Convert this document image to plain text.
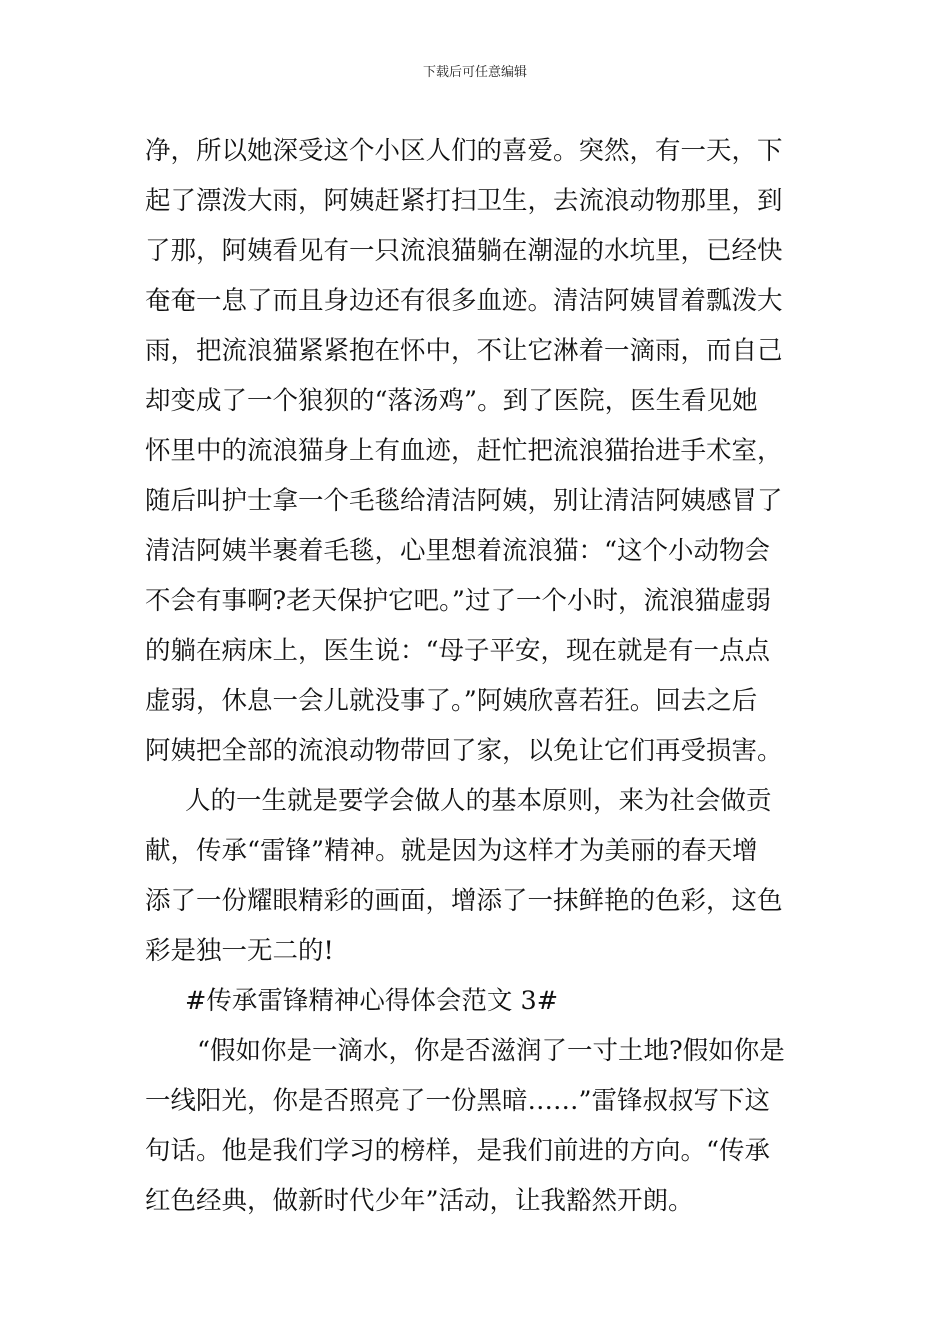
下载后可任意编辑
净，所以她深受这个小区人们的喜爱。突然，有一天，下
起了漂泼大雨，阿姨赶紧打扫卫生，去流浪动物那里，到
了那，阿姨看见有一只流浪猫躺在潮湿的水坑里，已经快
奄奄一息了而且身边还有很多血迹。清洁阿姨冒着瓢泼大
雨，把流浪猫紧紧抱在怀中，不让它淋着一滴雨，而自己
却变成了一个狼狈的“落汤鸡”。到了医院，医生看见她
怀里中的流浪猫身上有血迹，赶忙把流浪猫抬进手术室，
随后叫护士拿一个毛毯给清洁阿姨，别让清洁阿姨感冒了
清洁阿姨半裹着毛毯，心里想着流浪猫：“这个小动物会
不会有事啊?老天保护它吧。”过了一个小时，流浪猫虚弱
的躺在病床上，医生说：“母子平安，现在就是有一点点
虚弱，休息一会儿就没事了。”阿姨欣喜若狂。回去之后
阿姨把全部的流浪动物带回了家，以免让它们再受损害。
人的一生就是要学会做人的基本原则，来为社会做贡
献，传承“雷锋”精神。就是因为这样才为美丽的春天增
添了一份耀眼精彩的画面，增添了一抹鲜艳的色彩，这色
彩是独一无二的!
#传承雷锋精神心得体会范文 3#
“假如你是一滴水，你是否滋润了一寸土地?假如你是
一线阳光，你是否照亮了一份黑暗……”雷锋叔叔写下这
句话。他是我们学习的榜样，是我们前进的方向。“传承
红色经典，做新时代少年”活动，让我豁然开朗。
